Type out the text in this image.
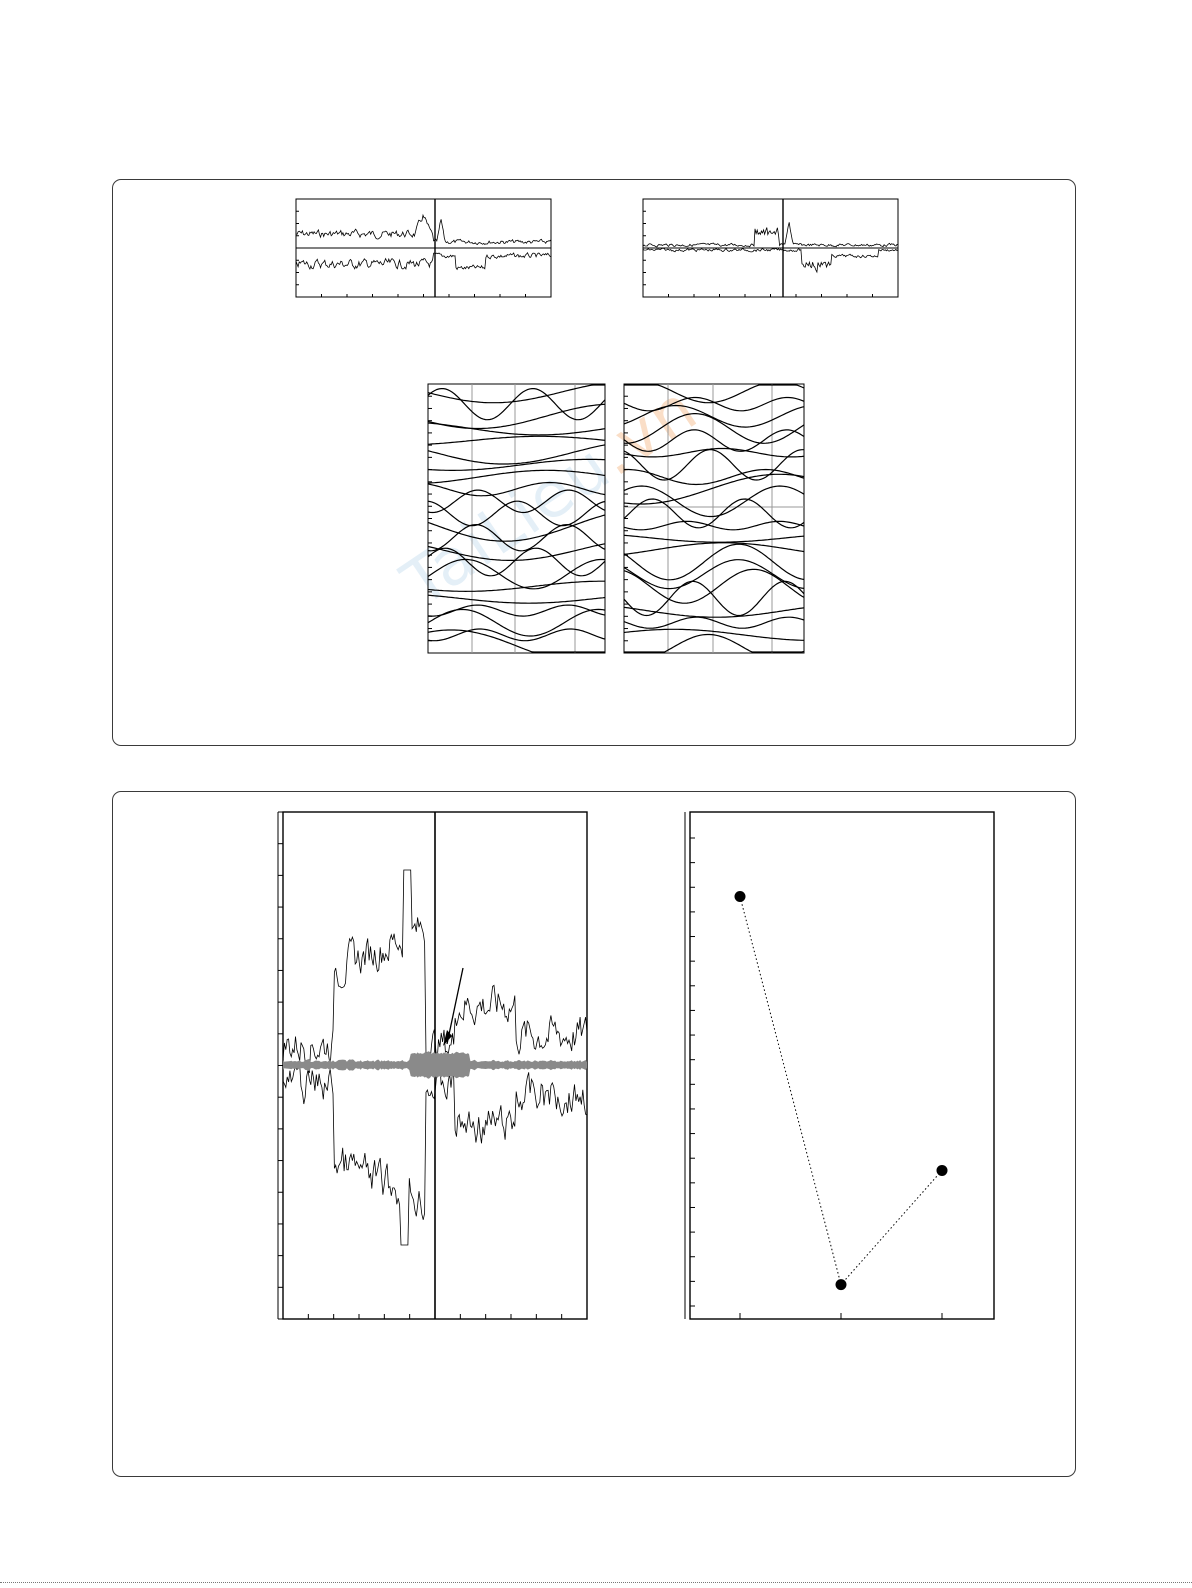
TaiLieu.vn
